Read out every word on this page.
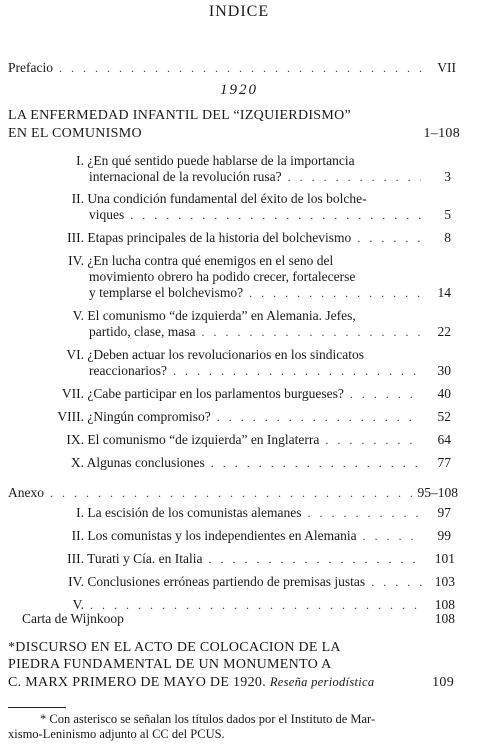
INDICE
Prefacio . . .	VII
1920
LA ENFERMEDAD INFANTIL DEL “IZQUIERDISMO”
EN EL COMUNISMO	1–108
I. ¿En qué sentido puede hablarse de la importancia
internacional de la revolución rusa? . . .	3
II. Una condición fundamental del éxito de los bolche-
viques . . .	5
III. Etapas principales de la historia del bolchevismo . . .	8
IV. ¿En lucha contra qué enemigos en el seno del
movimiento obrero ha podido crecer, fortalecerse
y templarse el bolchevismo? . . .	14
V. El comunismo “de izquierda” en Alemania. Jefes,
partido, clase, masa . . .	22
VI. ¿Deben actuar los revolucionarios en los sindicatos
reaccionarios? . . .	30
VII. ¿Cabe participar en los parlamentos burgueses? . . .	40
VIII. ¿Ningún compromiso? . . .	52
IX. El comunismo “de izquierda” en Inglaterra . . .	64
X. Algunas conclusiones . . .	77
Anexo . . .	95–108
I. La escisión de los comunistas alemanes . . .	97
II. Los comunistas y los independientes en Alemania . . .	99
III. Turati y Cía. en Italia . . .	101
IV. Conclusiones erróneas partiendo de premisas justas . . .	103
V. . . .	108
Carta de Wijnkoop	108
*DISCURSO EN EL ACTO DE COLOCACION DE LA
PIEDRA FUNDAMENTAL DE UN MONUMENTO A
C. MARX PRIMERO DE MAYO DE 1920. Reseña periodística	109
* Con asterisco se señalan los títulos dados por el Instituto de Mar-
xismo-Leninismo adjunto al CC del PCUS.
